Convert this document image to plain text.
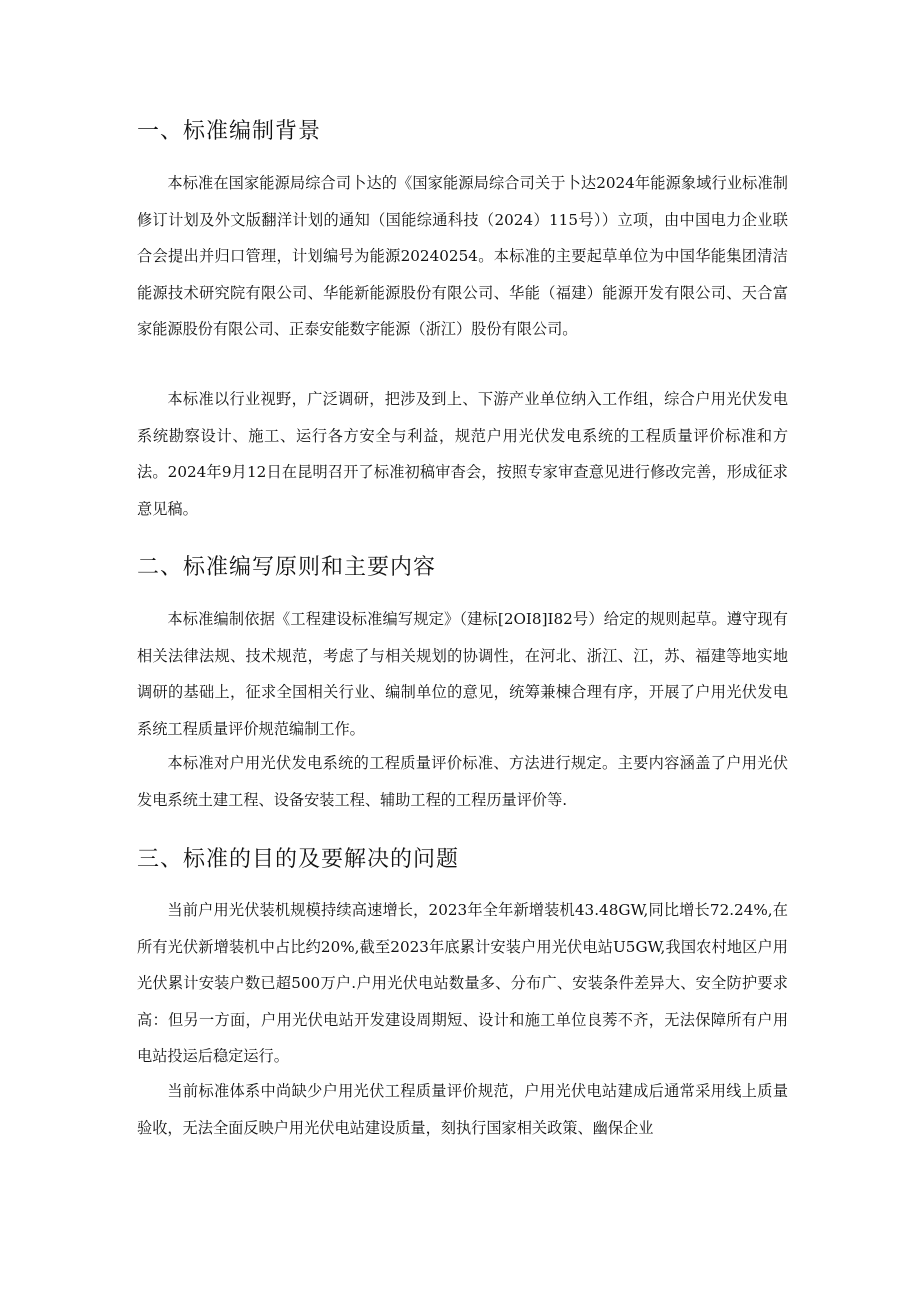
一、标准编制背景

本标准在国家能源局综合司卜达的《国家能源局综合司关于卜达2024年能源象域行业标准制修订计划及外文版翻洋计划的通知（国能综通科技（2024）115号））立项，由中国电力企业联合会提出并归口管理，计划编号为能源20240254。本标准的主要起草单位为中国华能集团清洁能源技术研究院有限公司、华能新能源股份有限公司、华能（福建）能源开发有限公司、天合富家能源股份有限公司、正泰安能数字能源（浙江）股份有限公司。

本标准以行业视野，广泛调研，把涉及到上、下游产业单位纳入工作组，综合户用光伏发电系统勘察设计、施工、运行各方安全与利益，规范户用光伏发电系统的工程质量评价标准和方法。2024年9月12日在昆明召开了标准初稿审杳会，按照专家审查意见进行修改完善，形成征求意见稿。

二、标准编写原则和主要内容

本标准编制依据《工程建设标准编写规定》（建标[2OI8]I82号）给定的规则起草。遵守现有相关法律法规、技术规范，考虑了与相关规划的协调性，在河北、浙江、江，苏、福建等地实地调研的基础上，征求全国相关行业、编制单位的意见，统筹兼棟合理有序，开展了户用光伏发电系统工程质量评价规范编制工作。

本标准对户用光伏发电系统的工程质量评价标准、方法进行规定。主要内容涵盖了户用光伏发电系统土建工程、设备安装工程、辅助工程的工程历量评价等.

三、标准的目的及要解决的问题

当前户用光伏装机规模持续高速增长，2023年全年新增装机43.48GW,同比增长72.24%,在所有光伏新增装机中占比约20%,截至2023年底累计安装户用光伏电站U5GW,我国农村地区户用光伏累计安装户数已超500万户.户用光伏电站数量多、分布广、安装条件差异大、安全防护要求高：但另一方面，户用光伏电站开发建设周期短、设计和施工单位良莠不齐，无法保障所有户用电站投运后稳定运行。

当前标准体系中尚缺少户用光伏工程质量评价规范，户用光伏电站建成后通常采用线上质量验收，无法全面反映户用光伏电站建设质量，刻执行国家相关政策、幽保企业
